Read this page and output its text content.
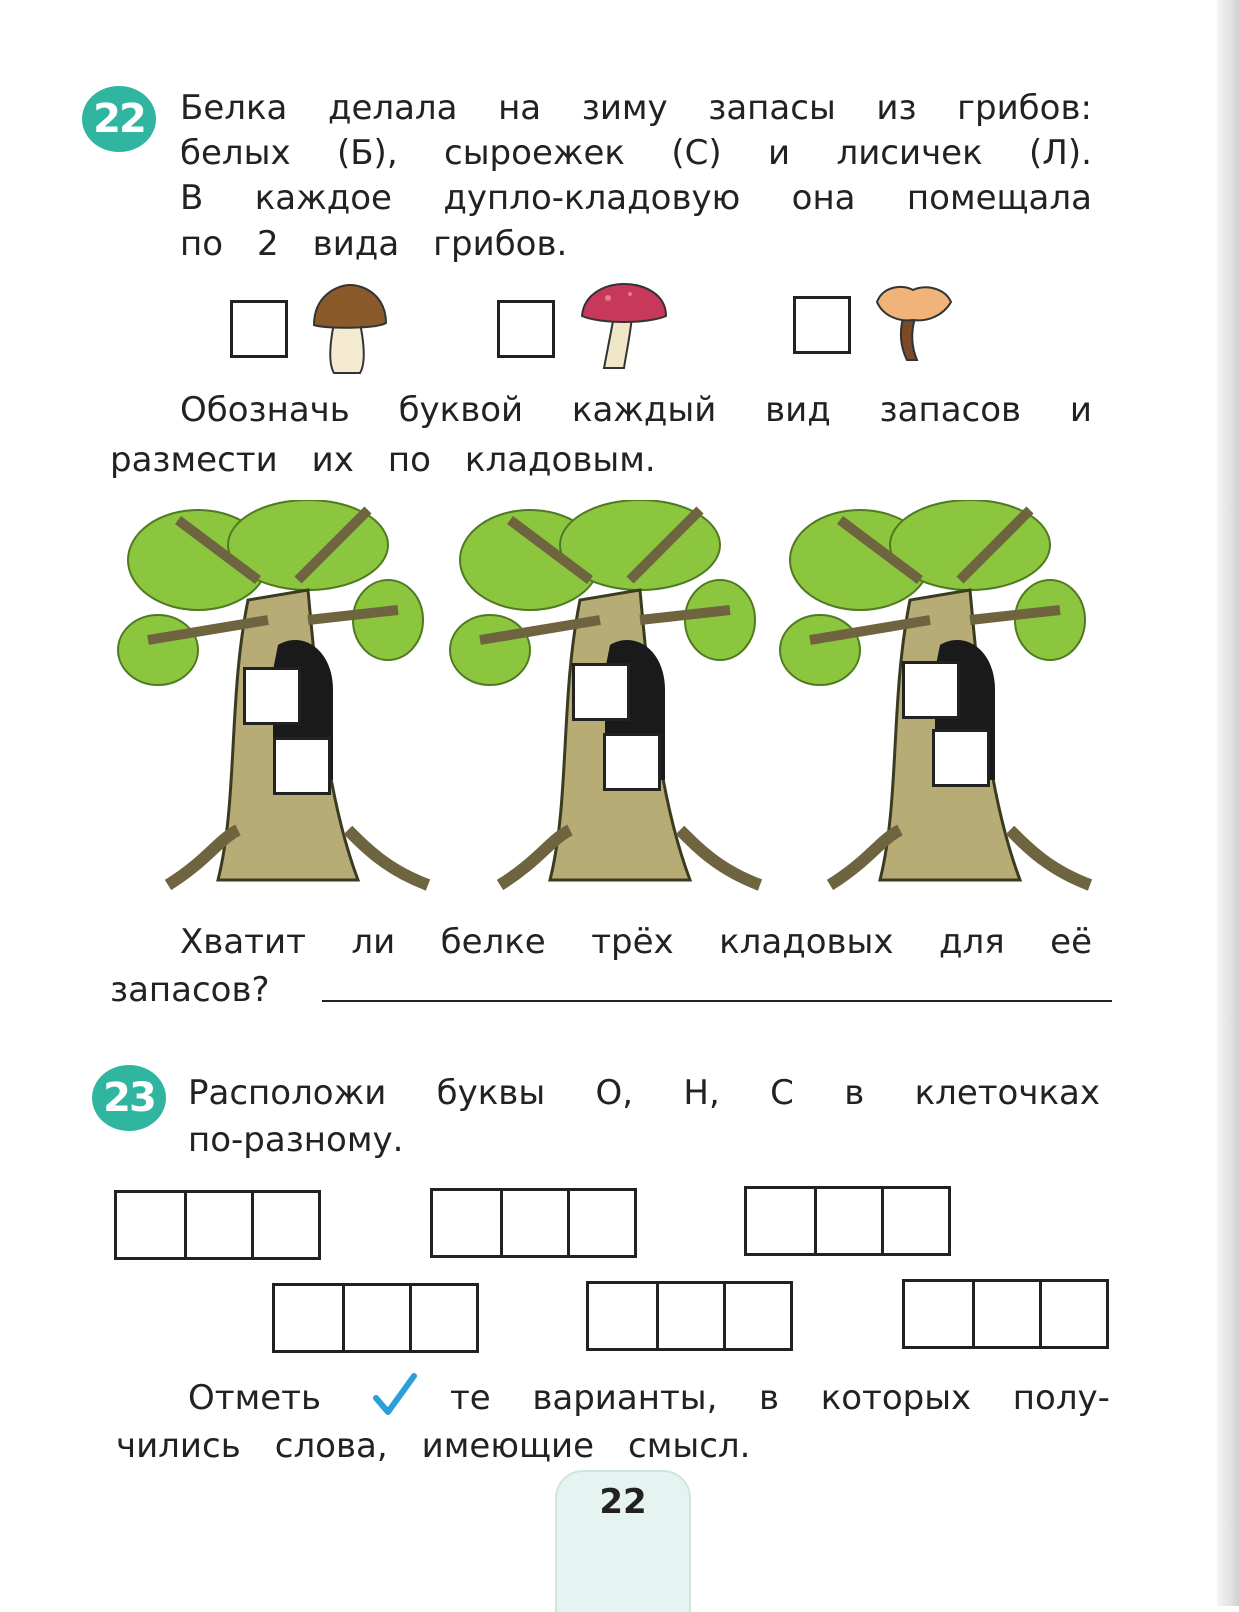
22 Белка делала на зиму запасы из грибов:
белых (Б), сыроежек (С) и лисичек (Л).
В каждое дупло-кладовую она помещала
по 2 вида грибов.
Обозначь буквой каждый вид запасов и
размести их по кладовым.
Хватит ли белке трёх кладовых для её
запасов?
23 Расположи буквы О, Н, С в клеточках
по-разному.
Отметь	те варианты, в которых полу-
чились слова, имеющие смысл.
22
